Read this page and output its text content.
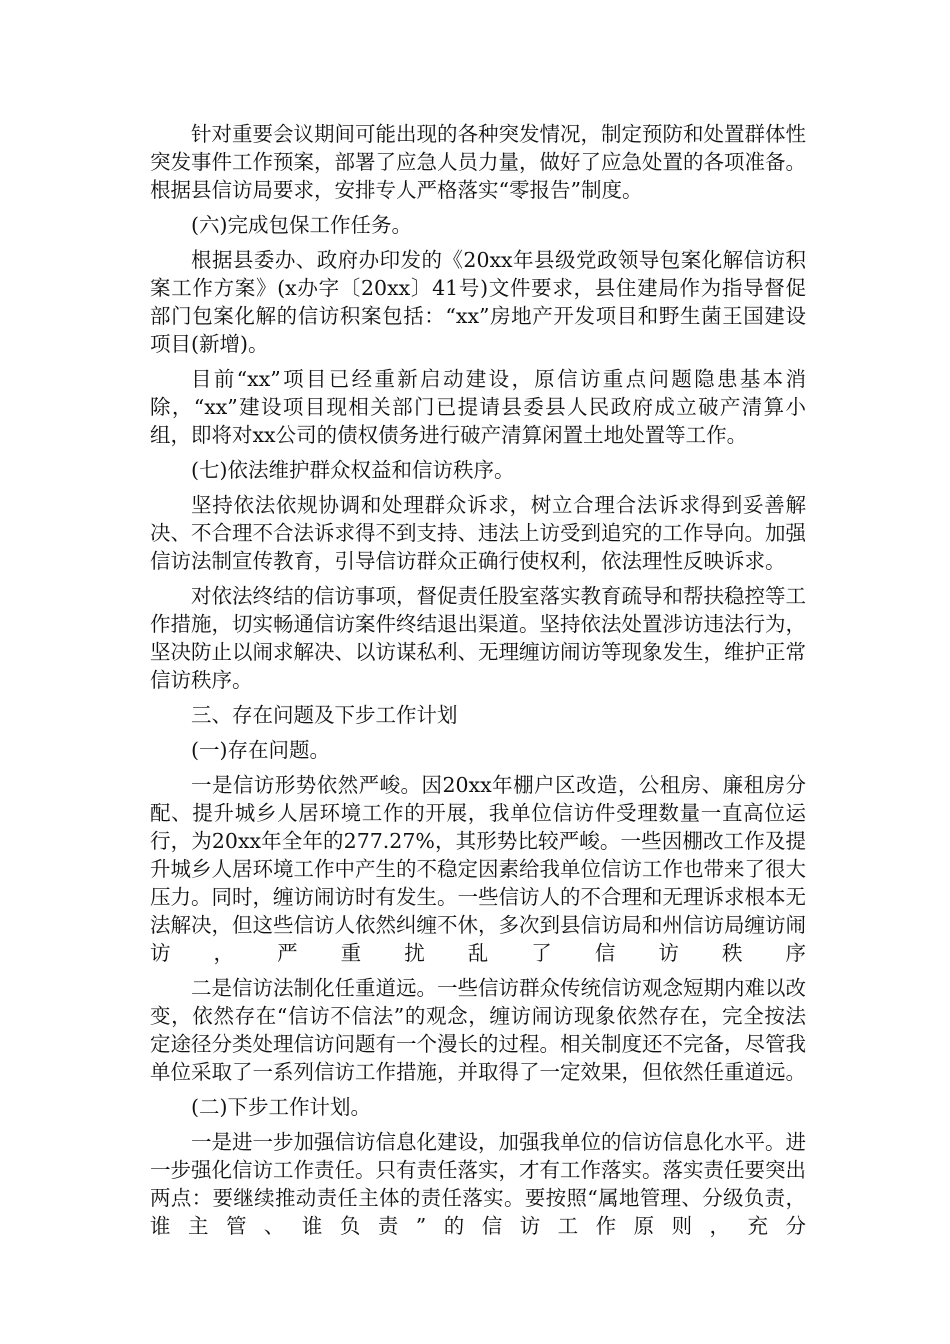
针对重要会议期间可能出现的各种突发情况，制定预防和处置群体性突发事件工作预案，部署了应急人员力量，做好了应急处置的各项准备。根据县信访局要求，安排专人严格落实“零报告”制度。

(六)完成包保工作任务。

根据县委办、政府办印发的《20xx年县级党政领导包案化解信访积案工作方案》(x办字〔20xx〕41号)文件要求，县住建局作为指导督促部门包案化解的信访积案包括：“xx”房地产开发项目和野生菌王国建设项目(新增)。

目前“xx”项目已经重新启动建设，原信访重点问题隐患基本消除，“xx”建设项目现相关部门已提请县委县人民政府成立破产清算小组，即将对xx公司的债权债务进行破产清算闲置土地处置等工作。

(七)依法维护群众权益和信访秩序。

坚持依法依规协调和处理群众诉求，树立合理合法诉求得到妥善解决、不合理不合法诉求得不到支持、违法上访受到追究的工作导向。加强信访法制宣传教育，引导信访群众正确行使权利，依法理性反映诉求。

对依法终结的信访事项，督促责任股室落实教育疏导和帮扶稳控等工作措施，切实畅通信访案件终结退出渠道。坚持依法处置涉访违法行为，坚决防止以闹求解决、以访谋私利、无理缠访闹访等现象发生，维护正常信访秩序。

三、存在问题及下步工作计划

(一)存在问题。

一是信访形势依然严峻。因20xx年棚户区改造，公租房、廉租房分配、提升城乡人居环境工作的开展，我单位信访件受理数量一直高位运行，为20xx年全年的277.27%，其形势比较严峻。一些因棚改工作及提升城乡人居环境工作中产生的不稳定因素给我单位信访工作也带来了很大压力。同时，缠访闹访时有发生。一些信访人的不合理和无理诉求根本无法解决，但这些信访人依然纠缠不休，多次到县信访局和州信访局缠访闹访，严重扰乱了信访秩序

二是信访法制化任重道远。一些信访群众传统信访观念短期内难以改变，依然存在“信访不信法”的观念，缠访闹访现象依然存在，完全按法定途径分类处理信访问题有一个漫长的过程。相关制度还不完备，尽管我单位采取了一系列信访工作措施，并取得了一定效果，但依然任重道远。

(二)下步工作计划。

一是进一步加强信访信息化建设，加强我单位的信访信息化水平。进一步强化信访工作责任。只有责任落实，才有工作落实。落实责任要突出两点：要继续推动责任主体的责任落实。要按照“属地管理、分级负责，谁主管、谁负责”的信访工作原则，充分
